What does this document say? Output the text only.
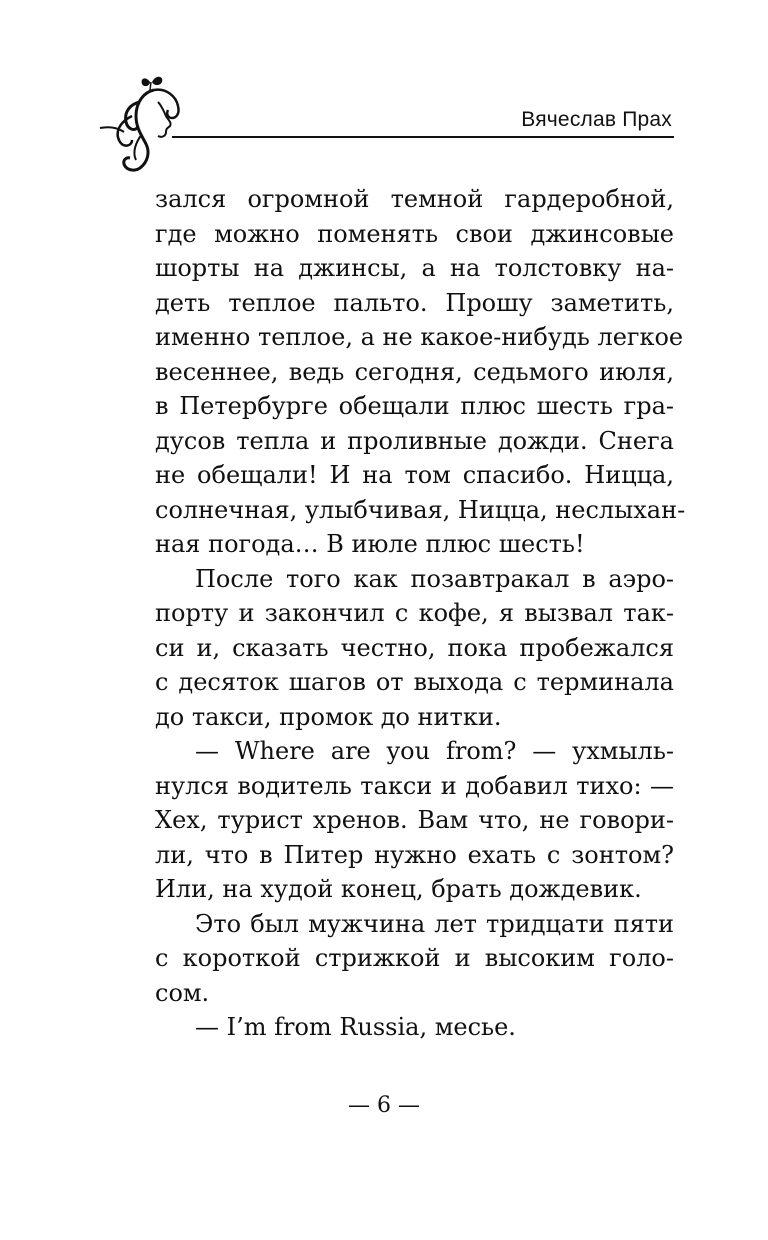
Вячеслав Прах
зался огромной темной гардеробной,
где можно поменять свои джинсовые
шорты на джинсы, а на толстовку на-
деть теплое пальто. Прошу заметить,
именно теплое, а не какое-нибудь легкое
весеннее, ведь сегодня, седьмого июля,
в Петербурге обещали плюс шесть гра-
дусов тепла и проливные дожди. Снега
не обещали! И на том спасибо. Ницца,
солнечная, улыбчивая, Ницца, неслыхан-
ная погода… В июле плюс шесть!
После того как позавтракал в аэро-
порту и закончил с кофе, я вызвал так-
си и, сказать честно, пока пробежался
с десяток шагов от выхода с терминала
до такси, промок до нитки.
— Where are you from? — ухмыль-
нулся водитель такси и добавил тихо: —
Хех, турист хренов. Вам что, не говори-
ли, что в Питер нужно ехать с зонтом?
Или, на худой конец, брать дождевик.
Это был мужчина лет тридцати пяти
с короткой стрижкой и высоким голо-
сом.
— I’m from Russia, месье.
— 6 —
